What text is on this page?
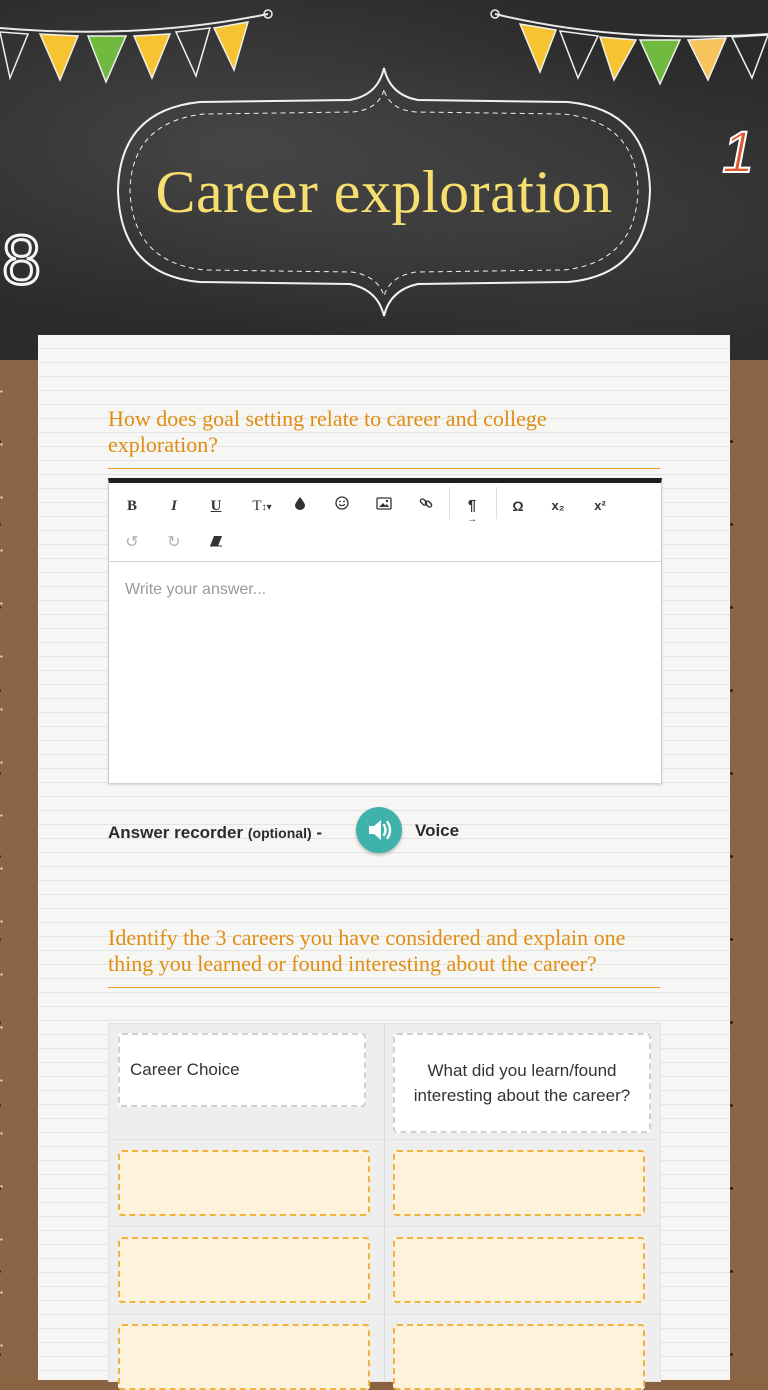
8
1
Career exploration
How does goal setting relate to career and college exploration?
B	I	U	T↕▾	¶
→
Ω	x₂	x²
↺	↻
Write your answer...
Answer recorder (optional) -	Voice
Identify the 3 careers you have considered and explain one thing you learned or found interesting about the career?
Career Choice	What did you learn/found interesting about the career?
